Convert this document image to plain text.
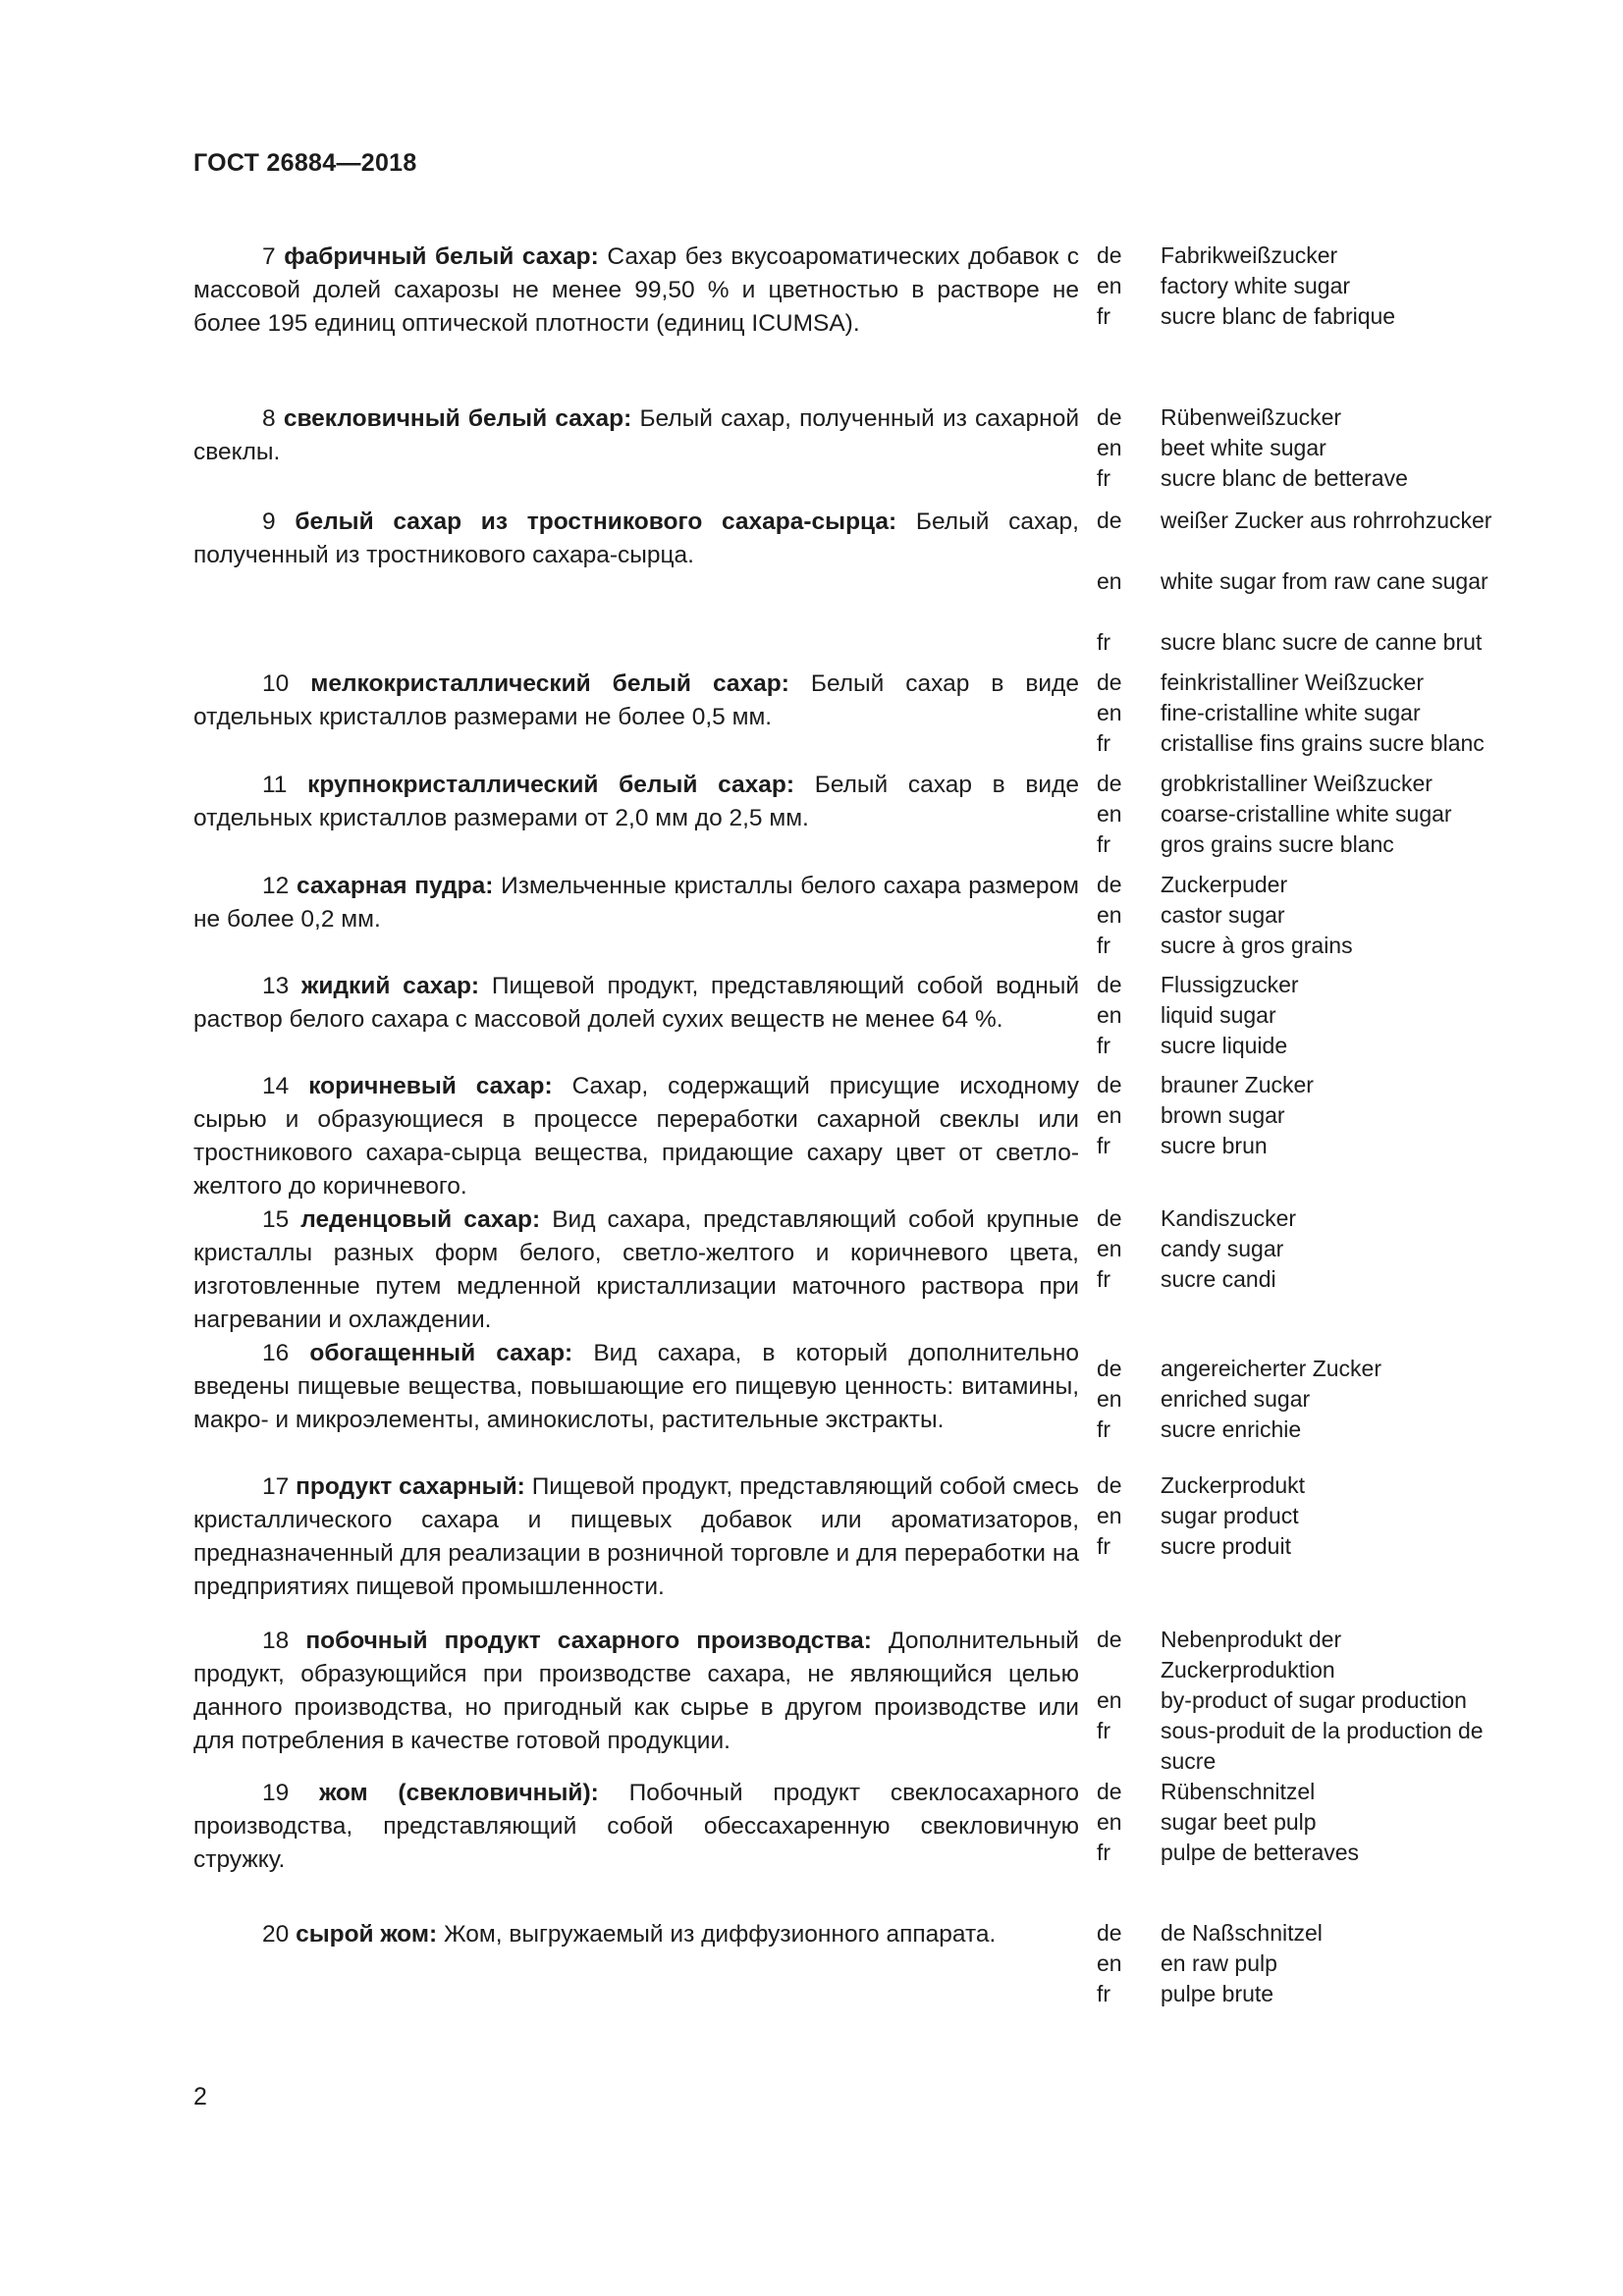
ГОСТ 26884—2018
7 фабричный белый сахар: Сахар без вкусоароматических добавок с массовой долей сахарозы не менее 99,50 % и цветностью в растворе не более 195 единиц оптической плотности (единиц ICUMSA).
de	Fabrikweißzucker
en	factory white sugar
fr	sucre blanc de fabrique
8 свекловичный белый сахар: Белый сахар, полученный из сахарной свеклы.
de	Rübenweißzucker
en	beet white sugar
fr	sucre blanc de betterave
9 белый сахар из тростникового сахара-сырца: Белый сахар, полученный из тростникового сахара-сырца.
de	weißer Zucker aus rohrrohzucker
en	white sugar from raw cane sugar
fr	sucre blanc sucre de canne brut
10 мелкокристаллический белый сахар: Белый сахар в виде отдельных кристаллов размерами не более 0,5 мм.
de	feinkristalliner Weißzucker
en	fine-cristalline white sugar
fr	cristallise fins grains sucre blanc
11 крупнокристаллический белый сахар: Белый сахар в виде отдельных кристаллов размерами от 2,0 мм до 2,5 мм.
de	grobkristalliner Weißzucker
en	coarse-cristalline white sugar
fr	gros grains sucre blanc
12 сахарная пудра: Измельченные кристаллы белого сахара размером не более 0,2 мм.
de	Zuckerpuder
en	castor sugar
fr	sucre à gros grains
13 жидкий сахар: Пищевой продукт, представляющий собой водный раствор белого сахара с массовой долей сухих веществ не менее 64 %.
de	Flussigzucker
en	liquid sugar
fr	sucre liquide
14 коричневый сахар: Сахар, содержащий присущие исходному сырью и образующиеся в процессе переработки сахарной свеклы или тростникового сахара-сырца вещества, придающие сахару цвет от светло-желтого до коричневого.
de	brauner Zucker
en	brown sugar
fr	sucre brun
15 леденцовый сахар: Вид сахара, представляющий собой крупные кристаллы разных форм белого, светло-желтого и коричневого цвета, изготовленные путем медленной кристаллизации маточного раствора при нагревании и охлаждении.
de	Kandiszucker
en	candy sugar
fr	sucre candi
16 обогащенный сахар: Вид сахара, в который дополнительно введены пищевые вещества, повышающие его пищевую ценность: витамины, макро- и микроэлементы, аминокислоты, растительные экстракты.
de	angereicherter Zucker
en	enriched sugar
fr	sucre enrichie
17 продукт сахарный: Пищевой продукт, представляющий собой смесь кристаллического сахара и пищевых добавок или ароматизаторов, предназначенный для реализации в розничной торговле и для переработки на предприятиях пищевой промышленности.
de	Zuckerprodukt
en	sugar product
fr	sucre produit
18 побочный продукт сахарного производства: Дополнительный продукт, образующийся при производстве сахара, не являющийся целью данного производства, но пригодный как сырье в другом производстве или для потребления в качестве готовой продукции.
de	Nebenprodukt der Zuckerproduktion
en	by-product of sugar production
fr	sous-produit de la production de sucre
19 жом (свекловичный): Побочный продукт свеклосахарного производства, представляющий собой обессахаренную свекловичную стружку.
de	Rübenschnitzel
en	sugar beet pulp
fr	pulpe de betteraves
20 сырой жом: Жом, выгружаемый из диффузионного аппарата.	de	de Naßschnitzel
en	en raw pulp
fr	pulpe brute
2
